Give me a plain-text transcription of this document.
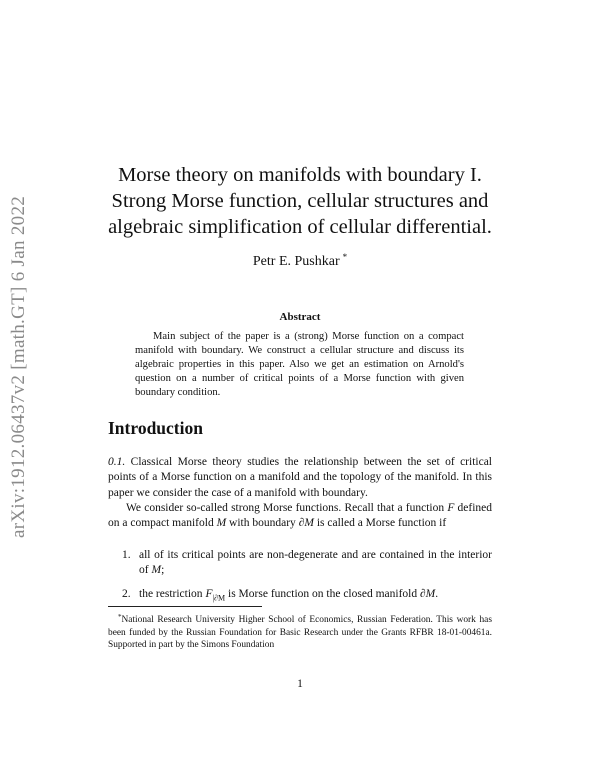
arXiv:1912.06437v2 [math.GT] 6 Jan 2022
Morse theory on manifolds with boundary I.
Strong Morse function, cellular structures and
algebraic simplification of cellular differential.
Petr E. Pushkar *
Abstract
Main subject of the paper is a (strong) Morse function on a compact manifold with boundary. We construct a cellular structure and discuss its algebraic properties in this paper. Also we get an estimation on Arnold's question on a number of critical points of a Morse function with given boundary condition.
Introduction
0.1. Classical Morse theory studies the relationship between the set of critical points of a Morse function on a manifold and the topology of the manifold. In this paper we consider the case of a manifold with boundary.
We consider so-called strong Morse functions. Recall that a function F defined on a compact manifold M with boundary ∂M is called a Morse function if
1. all of its critical points are non-degenerate and are contained in the interior of M;
2. the restriction $F_{|\partial M}$ is Morse function on the closed manifold ∂M.
*National Research University Higher School of Economics, Russian Federation. This work has been funded by the Russian Foundation for Basic Research under the Grants RFBR 18-01-00461a. Supported in part by the Simons Foundation
1
